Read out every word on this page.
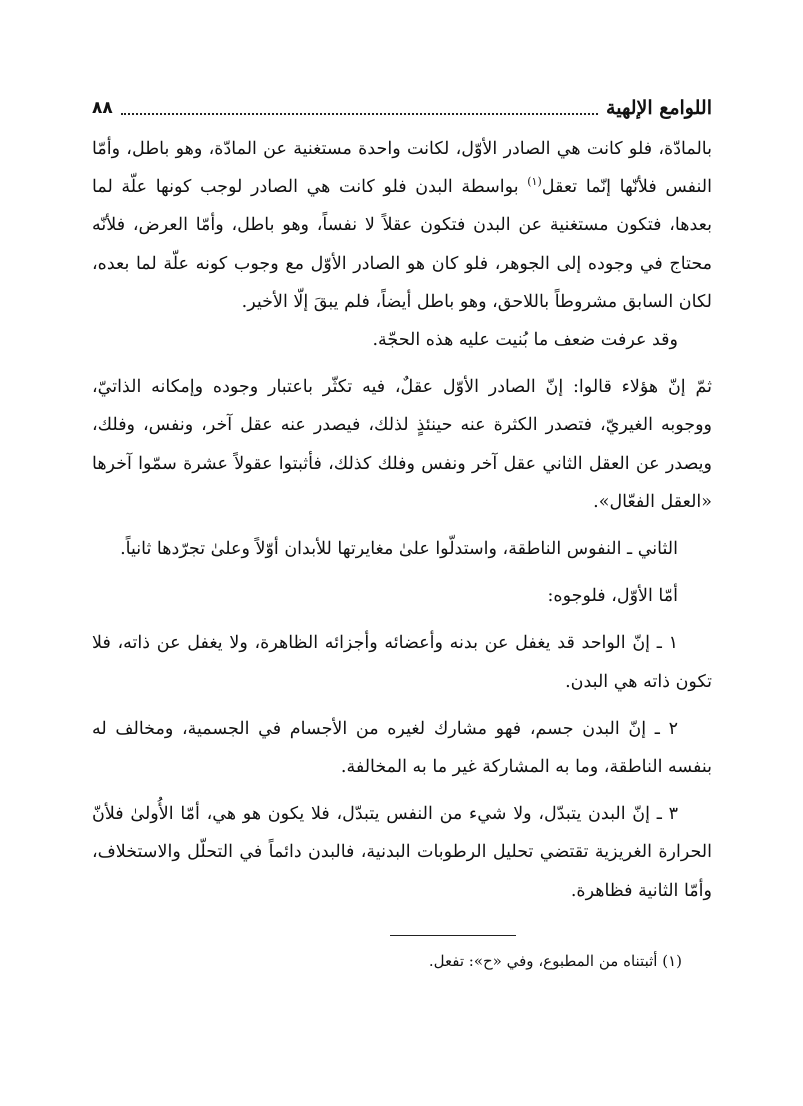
اللوامع الإلهية
٨٨

بالمادّة، فلو كانت هي الصادر الأوّل، لكانت واحدة مستغنية عن المادّة، وهو باطل، وأمّا النفس فلأنّها إنّما تعقل$^{(١)}$ بواسطة البدن فلو كانت هي الصادر لوجب كونها علّة لما بعدها، فتكون مستغنية عن البدن فتكون عقلاً لا نفساً، وهو باطل، وأمّا العرض، فلأنّه محتاج في وجوده إلى الجوهر، فلو كان هو الصادر الأوّل مع وجوب كونه علّة لما بعده، لكان السابق مشروطاً باللاحق، وهو باطل أيضاً، فلم يبقَ إلّا الأخير.

وقد عرفت ضعف ما بُنيت عليه هذه الحجّة.

ثمّ إنّ هؤلاء قالوا: إنّ الصادر الأوّل عقلٌ، فيه تكثّر باعتبار وجوده وإمكانه الذاتيّ، ووجوبه الغيريّ، فتصدر الكثرة عنه حينئذٍ لذلك، فيصدر عنه عقل آخر، ونفس، وفلك، ويصدر عن العقل الثاني عقل آخر ونفس وفلك كذلك، فأثبتوا عقولاً عشرة سمّوا آخرها «العقل الفعّال».

الثاني ـ النفوس الناطقة، واستدلّوا علىٰ مغايرتها للأبدان أوّلاً وعلىٰ تجرّدها ثانياً.

أمّا الأوّل، فلوجوه:

١ ـ إنّ الواحد قد يغفل عن بدنه وأعضائه وأجزائه الظاهرة، ولا يغفل عن ذاته، فلا تكون ذاته هي البدن.

٢ ـ إنّ البدن جسم، فهو مشارك لغيره من الأجسام في الجسمية، ومخالف له بنفسه الناطقة، وما به المشاركة غير ما به المخالفة.

٣ ـ إنّ البدن يتبدّل، ولا شيء من النفس يتبدّل، فلا يكون هو هي، أمّا الأُولىٰ فلأنّ الحرارة الغريزية تقتضي تحليل الرطوبات البدنية، فالبدن دائماً في التحلّل والاستخلاف، وأمّا الثانية فظاهرة.

(١) أثبتناه من المطبوع، وفي «ح»: تفعل.
